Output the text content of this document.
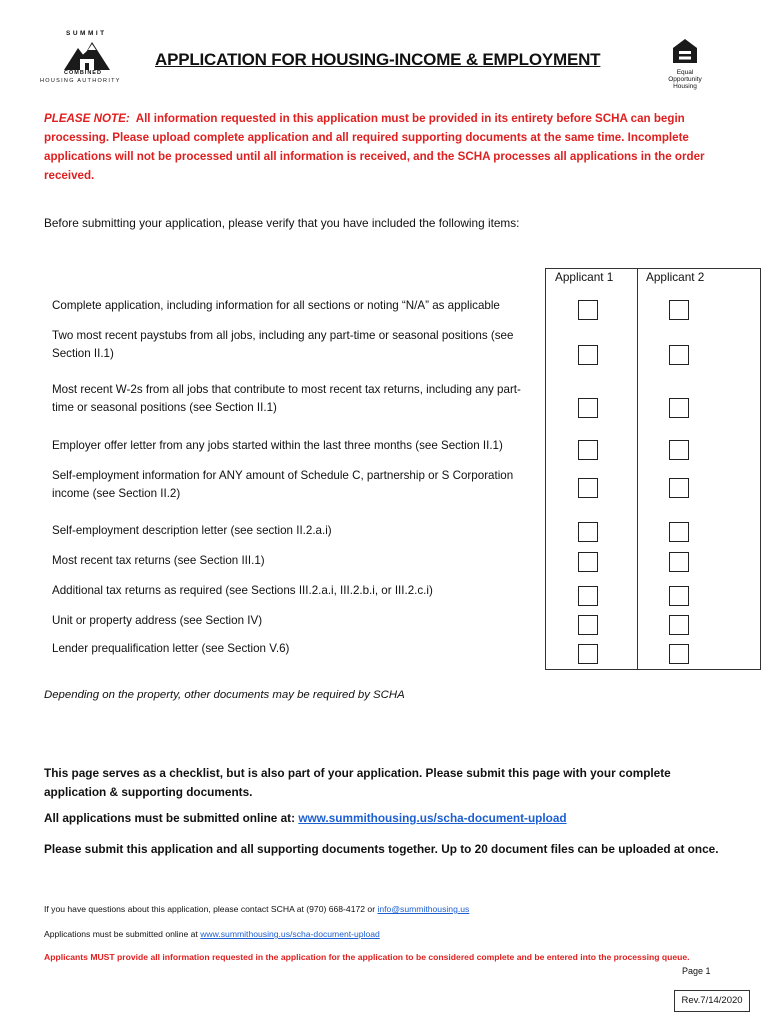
SUMMIT
COMBINED
HOUSING AUTHORITY
APPLICATION FOR HOUSING-INCOME & EMPLOYMENT
Equal Opportunity
Housing
PLEASE NOTE: All information requested in this application must be provided in its entirety before SCHA can begin processing. Please upload complete application and all required supporting documents at the same time. Incomplete applications will not be processed until all information is received, and the SCHA processes all applications in the order received.
Before submitting your application, please verify that you have included the following items:
Applicant 1	Applicant 2
Complete application, including information for all sections or noting “N/A” as applicable
Two most recent paystubs from all jobs, including any part-time or seasonal positions (see Section II.1)
Most recent W-2s from all jobs that contribute to most recent tax returns, including any part-time or seasonal positions (see Section II.1)
Employer offer letter from any jobs started within the last three months (see Section II.1)
Self-employment information for ANY amount of Schedule C, partnership or S Corporation income (see Section II.2)
Self-employment description letter (see section II.2.a.i)
Most recent tax returns (see Section III.1)
Additional tax returns as required (see Sections III.2.a.i, III.2.b.i, or III.2.c.i)
Unit or property address (see Section IV)
Lender prequalification letter (see Section V.6)
Depending on the property, other documents may be required by SCHA
This page serves as a checklist, but is also part of your application. Please submit this page with your complete application & supporting documents.
All applications must be submitted online at: www.summithousing.us/scha-document-upload
Please submit this application and all supporting documents together. Up to 20 document files can be uploaded at once.
If you have questions about this application, please contact SCHA at (970) 668-4172 or info@summithousing.us
Applications must be submitted online at www.summithousing.us/scha-document-upload
Applicants MUST provide all information requested in the application for the application to be considered complete and be entered into the processing queue.
Page 1
Rev.7/14/2020
